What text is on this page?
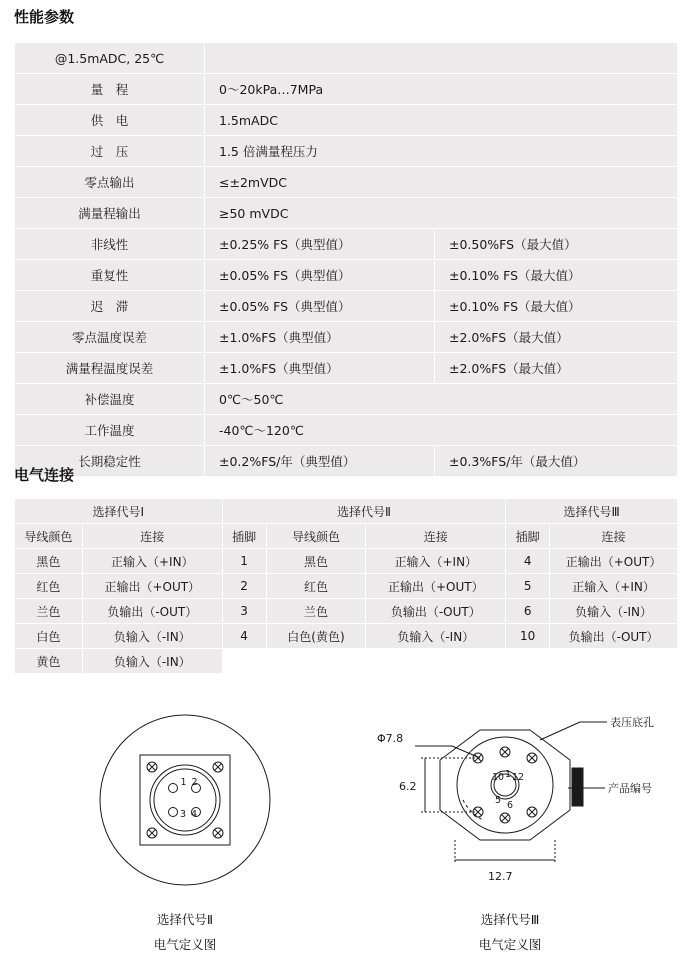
性能参数
@1.5mADC, 25℃		
量　程	0～20kPa…7MPa	
供　电	1.5mADC	
过　压	1.5 倍满量程压力	
零点输出	≤±2mVDC	
满量程输出	≥50 mVDC	
非线性	±0.25% FS（典型值）	±0.50%FS（最大值）
重复性	±0.05% FS（典型值）	±0.10% FS（最大值）
迟　滞	±0.05% FS（典型值）	±0.10% FS（最大值）
零点温度误差	±1.0%FS（典型值）	±2.0%FS（最大值）
满量程温度误差	±1.0%FS（典型值）	±2.0%FS（最大值）
补偿温度	0℃～50℃	
工作温度	-40℃～120℃	
长期稳定性	±0.2%FS/年（典型值）	±0.3%FS/年（最大值）
电气连接
选择代号Ⅰ		选择代号Ⅱ			选择代号Ⅲ	
导线颜色	连接	插脚	导线颜色	连接	插脚	连接
黑色	正输入（+IN）	1	黑色	正输入（+IN）	4	正输出（+OUT）
红色	正输出（+OUT）	2	红色	正输出（+OUT）	5	正输入（+IN）
兰色	负输出（-OUT）	3	兰色	负输出（-OUT）	6	负输入（-IN）
白色	负输入（-IN）	4	白色(黄色)	负输入（-IN）	10	负输出（-OUT）
黄色	负输入（-IN）					
1 2
3 4
选择代号Ⅱ
电气定义图
10 1 12
5 6
Φ7.8
6.2
12.7
表压底孔
产品编号
选择代号Ⅲ
电气定义图
